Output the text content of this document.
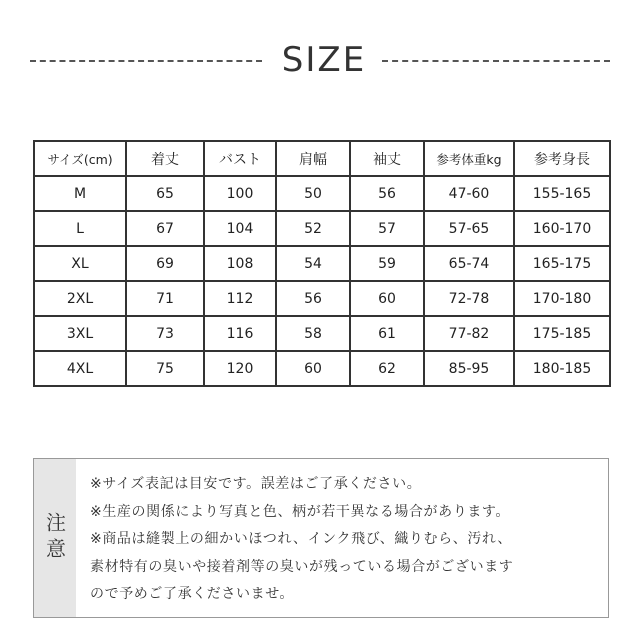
SIZE
サイズ(cm)	着丈	バスト	肩幅	袖丈	参考体重kg	参考身長
M	65	100	50	56	47-60	155-165
L	67	104	52	57	57-65	160-170
XL	69	108	54	59	65-74	165-175
2XL	71	112	56	60	72-78	170-180
3XL	73	116	58	61	77-82	175-185
4XL	75	120	60	62	85-95	180-185
注意
※サイズ表記は目安です。誤差はご了承ください。
※生産の関係により写真と色、柄が若干異なる場合があります。
※商品は縫製上の細かいほつれ、インク飛び、織りむら、汚れ、
素材特有の臭いや接着剤等の臭いが残っている場合がございます
ので予めご了承くださいませ。
